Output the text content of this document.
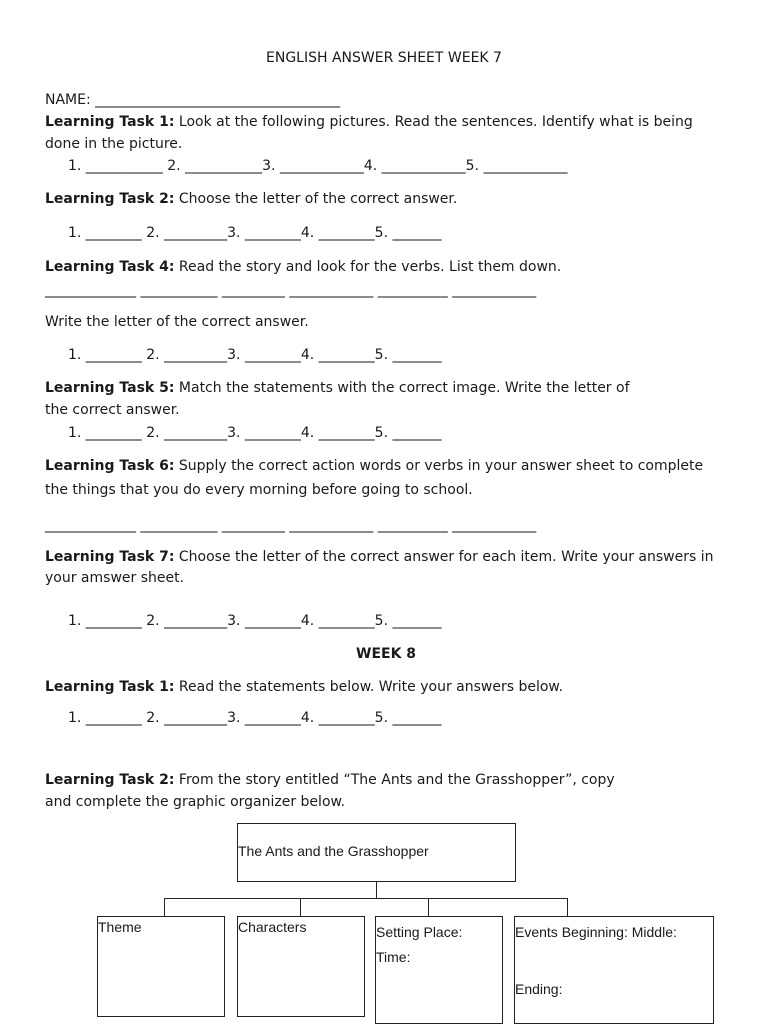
ENGLISH ANSWER SHEET WEEK 7
NAME: ___________________________________
Learning Task 1: Look at the following pictures. Read the sentences. Identify what is being
done in the picture.
1. ___________ 2. ___________3. ____________4. ____________5. ____________
Learning Task 2: Choose the letter of the correct answer.
1. ________ 2. _________3. ________4. ________5. _______
Learning Task 4: Read the story and look for the verbs. List them down.
_____________ ___________ _________ ____________ __________ ____________
Write the letter of the correct answer.
1. ________ 2. _________3. ________4. ________5. _______
Learning Task 5: Match the statements with the correct image. Write the letter of
the correct answer.
1. ________ 2. _________3. ________4. ________5. _______
Learning Task 6: Supply the correct action words or verbs in your answer sheet to complete
the things that you do every morning before going to school.
_____________ ___________ _________ ____________ __________ ____________
Learning Task 7: Choose the letter of the correct answer for each item. Write your answers in
your amswer sheet.
1. ________ 2. _________3. ________4. ________5. _______
WEEK 8
Learning Task 1: Read the statements below. Write your answers below.
1. ________ 2. _________3. ________4. ________5. _______
Learning Task 2: From the story entitled “The Ants and the Grasshopper”, copy
and complete the graphic organizer below.
The Ants and the Grasshopper
Theme	Characters	Setting Place:
Time:
Events Beginning: Middle:
Ending:
